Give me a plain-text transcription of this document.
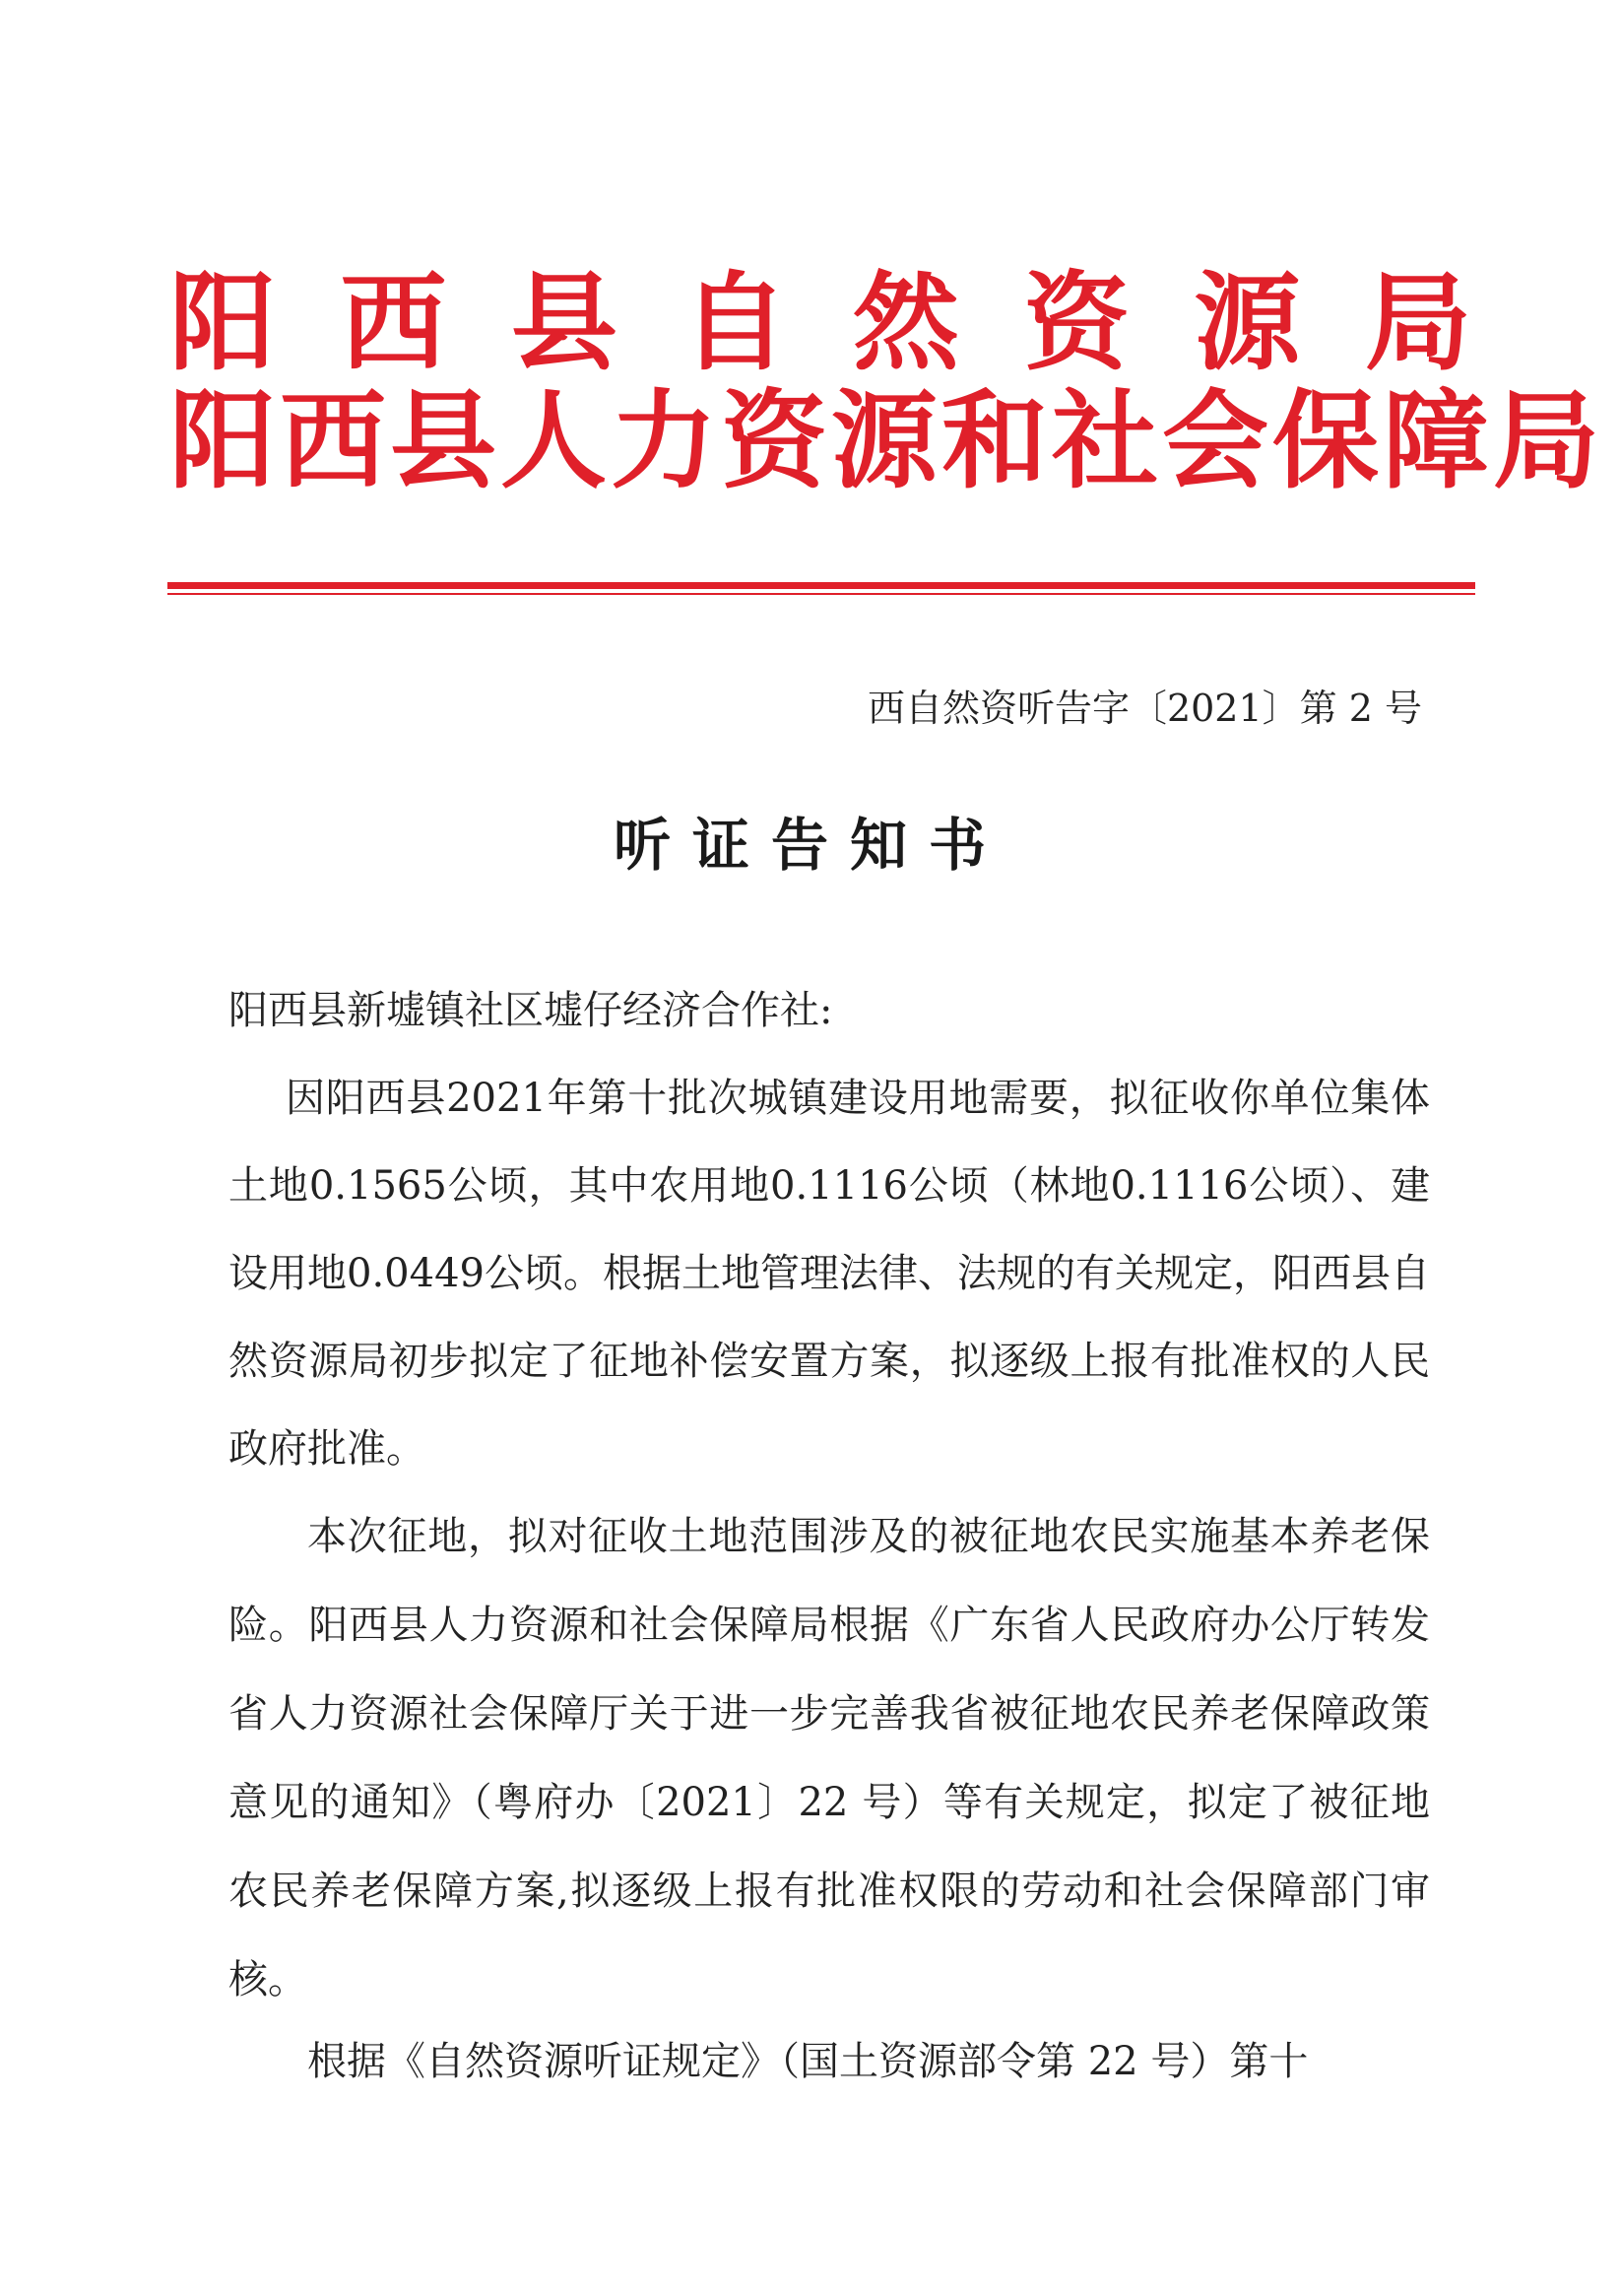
阳 西 县 自 然 资 源 局
阳西县人力资源和社会保障局
西自然资听告字〔2021〕第 2 号
听证告知书
阳西县新墟镇社区墟仔经济合作社:
因阳西县2021年第十批次城镇建设用地需要，拟征收你单位集体土地0.1565公顷，其中农用地0.1116公顷（林地0.1116公顷）、建设用地0.0449公顷。根据土地管理法律、法规的有关规定，阳西县自然资源局初步拟定了征地补偿安置方案，拟逐级上报有批准权的人民政府批准。
本次征地，拟对征收土地范围涉及的被征地农民实施基本养老保险。阳西县人力资源和社会保障局根据《广东省人民政府办公厅转发省人力资源社会保障厅关于进一步完善我省被征地农民养老保障政策意见的通知》（粤府办〔2021〕22 号）等有关规定，拟定了被征地农民养老保障方案,拟逐级上报有批准权限的劳动和社会保障部门审核。
根据《自然资源听证规定》（国土资源部令第 22 号）第十
